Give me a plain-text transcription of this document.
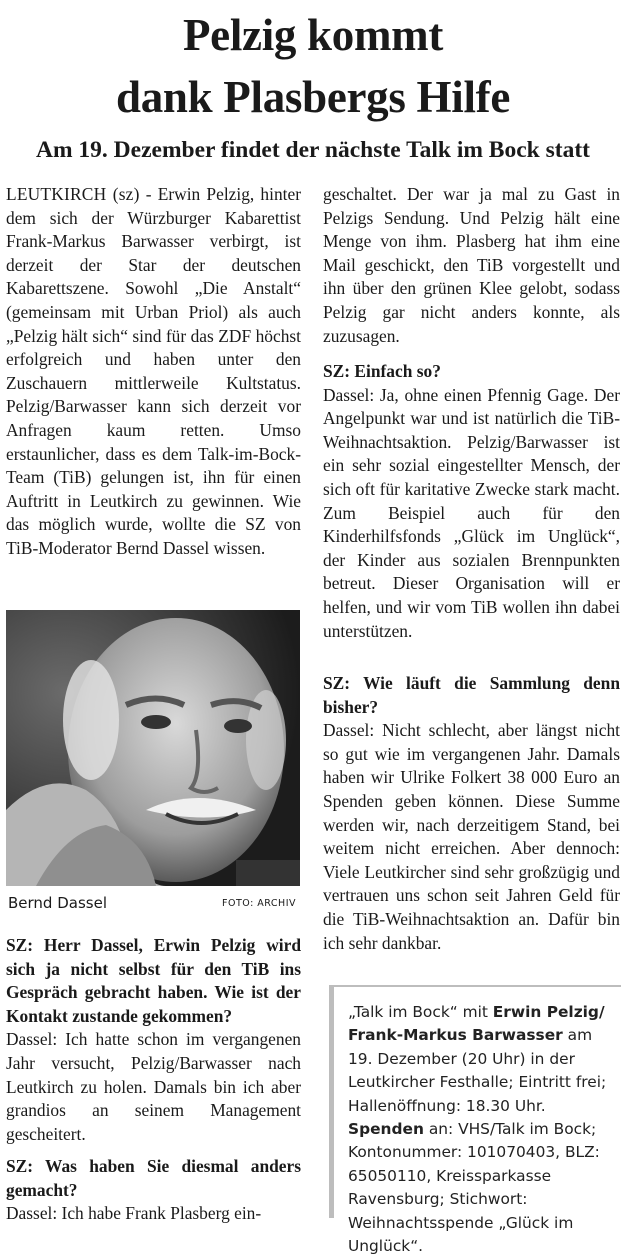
Pelzig kommt
dank Plasbergs Hilfe
Am 19. Dezember findet der nächste Talk im Bock statt

LEUTKIRCH (sz) - Erwin Pelzig, hinter dem sich der Würzburger Kabarettist Frank-Markus Barwasser verbirgt, ist derzeit der Star der deutschen Kabarettszene. Sowohl „Die Anstalt“ (gemeinsam mit Urban Priol) als auch „Pelzig hält sich“ sind für das ZDF höchst erfolgreich und haben unter den Zuschauern mittlerweile Kultstatus. Pelzig/Barwasser kann sich derzeit vor Anfragen kaum retten. Umso erstaunlicher, dass es dem Talk-im-Bock-Team (TiB) gelungen ist, ihn für einen Auftritt in Leutkirch zu gewinnen. Wie das möglich wurde, wollte die SZ von TiB-Moderator Bernd Dassel wissen.

Bernd Dassel	FOTO: ARCHIV

SZ: Herr Dassel, Erwin Pelzig wird sich ja nicht selbst für den TiB ins Gespräch gebracht haben. Wie ist der Kontakt zustande gekommen?

Dassel: Ich hatte schon im vergangenen Jahr versucht, Pelzig/Barwasser nach Leutkirch zu holen. Damals bin ich aber grandios an seinem Management gescheitert.

SZ: Was haben Sie diesmal anders gemacht?

Dassel: Ich habe Frank Plasberg ein-

geschaltet. Der war ja mal zu Gast in Pelzigs Sendung. Und Pelzig hält eine Menge von ihm. Plasberg hat ihm eine Mail geschickt, den TiB vorgestellt und ihn über den grünen Klee gelobt, sodass Pelzig gar nicht anders konnte, als zuzusagen.

SZ: Einfach so?

Dassel: Ja, ohne einen Pfennig Gage. Der Angelpunkt war und ist natürlich die TiB-Weihnachtsaktion. Pelzig/Barwasser ist ein sehr sozial eingestellter Mensch, der sich oft für karitative Zwecke stark macht. Zum Beispiel auch für den Kinderhilfsfonds „Glück im Unglück“, der Kinder aus sozialen Brennpunkten betreut. Dieser Organisation will er helfen, und wir vom TiB wollen ihn dabei unterstützen.

SZ: Wie läuft die Sammlung denn bisher?

Dassel: Nicht schlecht, aber längst nicht so gut wie im vergangenen Jahr. Damals haben wir Ulrike Folkert 38 000 Euro an Spenden geben können. Diese Summe werden wir, nach derzeitigem Stand, bei weitem nicht erreichen. Aber dennoch: Viele Leutkircher sind sehr großzügig und vertrauen uns schon seit Jahren Geld für die TiB-Weihnachtsaktion an. Dafür bin ich sehr dankbar.

„Talk im Bock“ mit Erwin Pelzig/ Frank-Markus Barwasser am 19. Dezember (20 Uhr) in der Leutkircher Festhalle; Eintritt frei; Hallenöffnung: 18.30 Uhr. Spenden an: VHS/Talk im Bock; Kontonummer: 101070403, BLZ: 65050110, Kreissparkasse Ravensburg; Stichwort: Weihnachtsspende „Glück im Unglück“.
